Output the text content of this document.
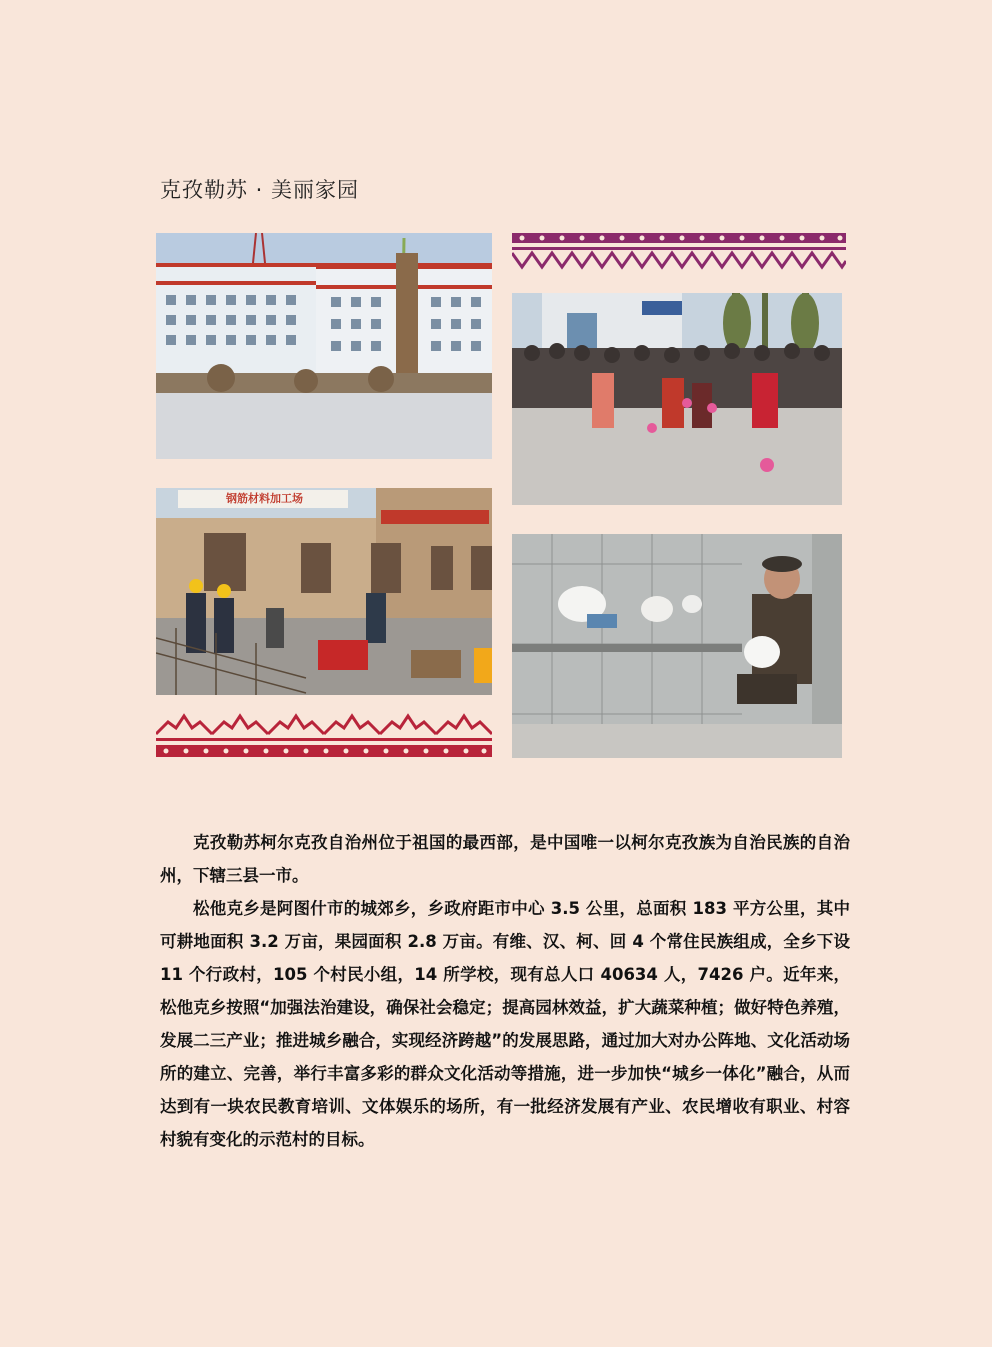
克孜勒苏 · 美丽家园
钢筋材料加工场

克孜勒苏柯尔克孜自治州位于祖国的最西部，是中国唯一以柯尔克孜族为自治民族的自治州，下辖三县一市。

松他克乡是阿图什市的城郊乡，乡政府距市中心 3.5 公里，总面积 183 平方公里，其中可耕地面积 3.2 万亩，果园面积 2.8 万亩。有维、汉、柯、回 4 个常住民族组成，全乡下设 11 个行政村，105 个村民小组，14 所学校，现有总人口 40634 人，7426 户。近年来，松他克乡按照“加强法治建设，确保社会稳定；提高园林效益，扩大蔬菜种植；做好特色养殖，发展二三产业；推进城乡融合，实现经济跨越”的发展思路，通过加大对办公阵地、文化活动场所的建立、完善，举行丰富多彩的群众文化活动等措施，进一步加快“城乡一体化”融合，从而达到有一块农民教育培训、文体娱乐的场所，有一批经济发展有产业、农民增收有职业、村容村貌有变化的示范村的目标。
